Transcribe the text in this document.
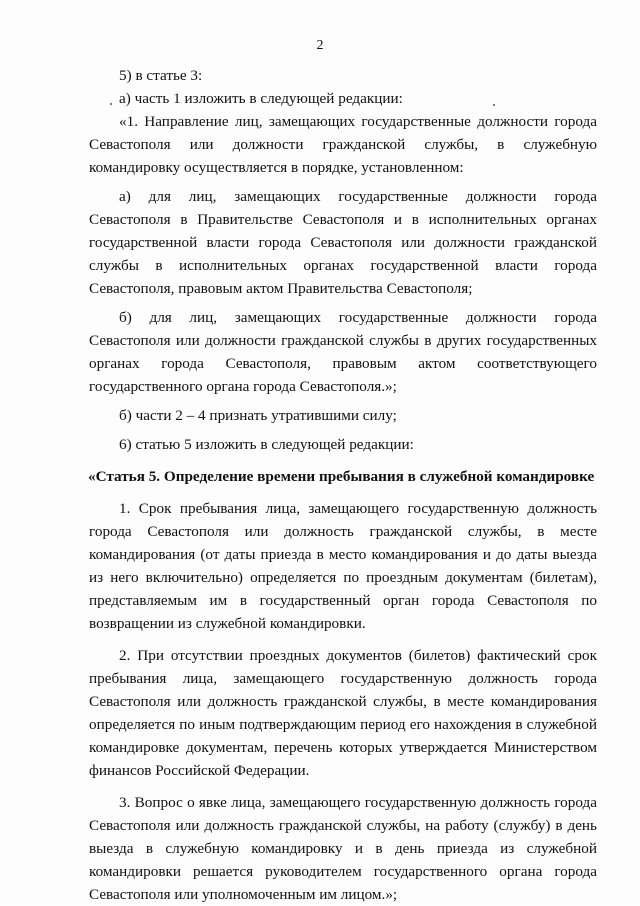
2

5) в статье 3:

а) часть 1 изложить в следующей редакции:

«1. Направление лиц, замещающих государственные должности города Севастополя или должности гражданской службы, в служебную командировку осуществляется в порядке, установленном:

а) для лиц, замещающих государственные должности города Севастополя в Правительстве Севастополя и в исполнительных органах государственной власти города Севастополя или должности гражданской службы в исполнительных органах государственной власти города Севастополя, правовым актом Правительства Севастополя;

б) для лиц, замещающих государственные должности города Севастополя или должности гражданской службы в других государственных органах города Севастополя, правовым актом соответствующего государственного органа города Севастополя.»;

б) части 2 – 4 признать утратившими силу;

6) статью 5 изложить в следующей редакции:

«Статья 5. Определение времени пребывания в служебной командировке

1. Срок пребывания лица, замещающего государственную должность города Севастополя или должность гражданской службы, в месте командирования (от даты приезда в место командирования и до даты выезда из него включительно) определяется по проездным документам (билетам), представляемым им в государственный орган города Севастополя по возвращении из служебной командировки.

2. При отсутствии проездных документов (билетов) фактический срок пребывания лица, замещающего государственную должность города Севастополя или должность гражданской службы, в месте командирования определяется по иным подтверждающим период его нахождения в служебной командировке документам, перечень которых утверждается Министерством финансов Российской Федерации.

3. Вопрос о явке лица, замещающего государственную должность города Севастополя или должность гражданской службы, на работу (службу) в день выезда в служебную командировку и в день приезда из служебной командировки решается руководителем государственного органа города Севастополя или уполномоченным им лицом.»;
